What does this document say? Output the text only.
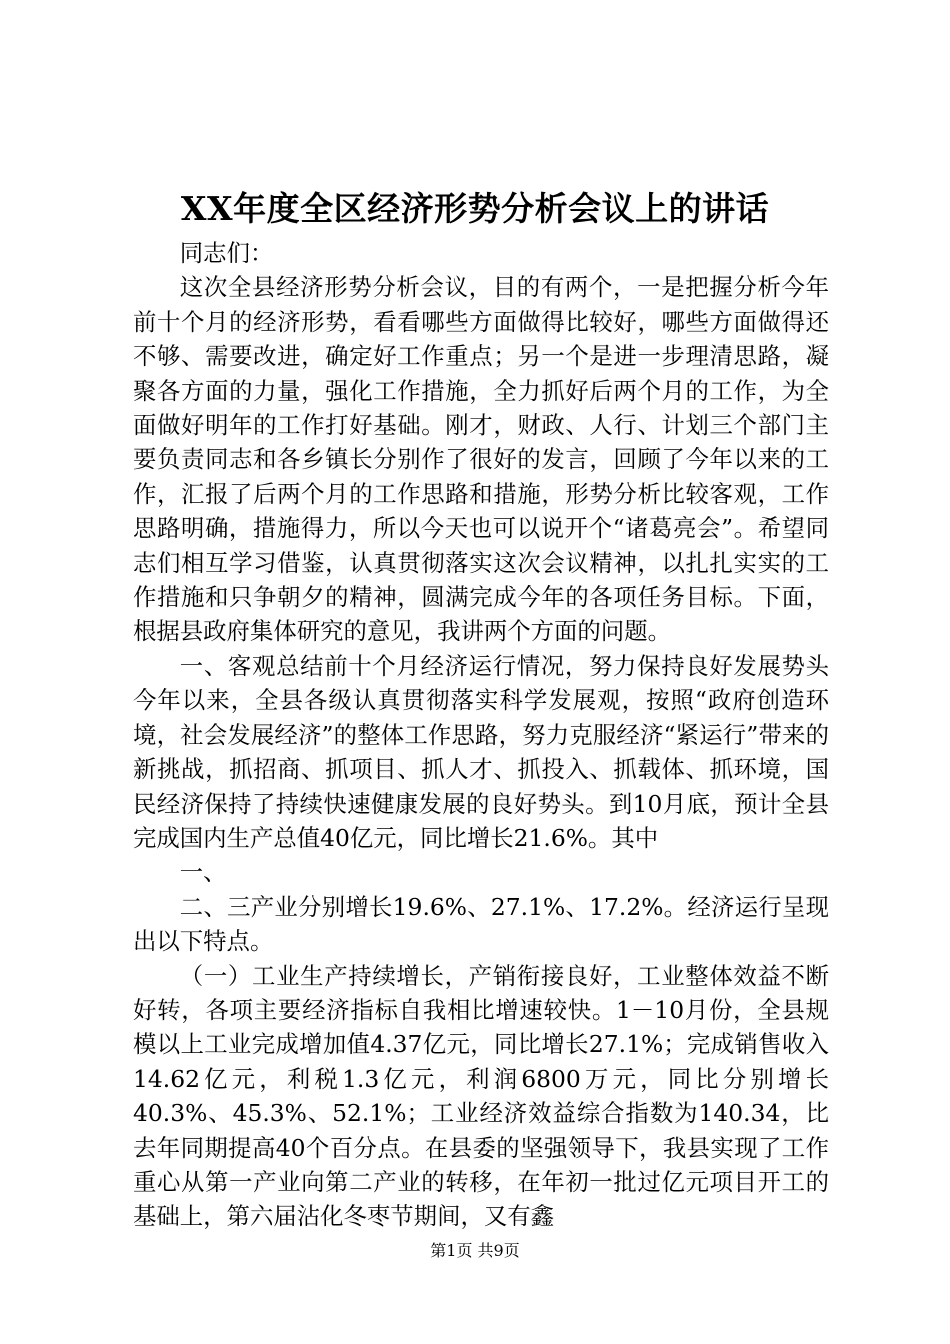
XX年度全区经济形势分析会议上的讲话

同志们：

这次全县经济形势分析会议，目的有两个，一是把握分析今年前十个月的经济形势，看看哪些方面做得比较好，哪些方面做得还不够、需要改进，确定好工作重点；另一个是进一步理清思路，凝聚各方面的力量，强化工作措施，全力抓好后两个月的工作，为全面做好明年的工作打好基础。刚才，财政、人行、计划三个部门主要负责同志和各乡镇长分别作了很好的发言，回顾了今年以来的工作，汇报了后两个月的工作思路和措施，形势分析比较客观，工作思路明确，措施得力，所以今天也可以说开个“诸葛亮会”。希望同志们相互学习借鉴，认真贯彻落实这次会议精神，以扎扎实实的工作措施和只争朝夕的精神，圆满完成今年的各项任务目标。下面，根据县政府集体研究的意见，我讲两个方面的问题。

一、客观总结前十个月经济运行情况，努力保持良好发展势头今年以来，全县各级认真贯彻落实科学发展观，按照“政府创造环境，社会发展经济”的整体工作思路，努力克服经济“紧运行”带来的新挑战，抓招商、抓项目、抓人才、抓投入、抓载体、抓环境，国民经济保持了持续快速健康发展的良好势头。到10月底，预计全县完成国内生产总值40亿元，同比增长21.6%。其中

一、

二、三产业分别增长19.6%、27.1%、17.2%。经济运行呈现出以下特点。

（一）工业生产持续增长，产销衔接良好，工业整体效益不断好转，各项主要经济指标自我相比增速较快。1－10月份，全县规模以上工业完成增加值4.37亿元，同比增长27.1%；完成销售收入14.62亿元，利税1.3亿元，利润6800万元，同比分别增长40.3%、45.3%、52.1%；工业经济效益综合指数为140.34，比去年同期提高40个百分点。在县委的坚强领导下，我县实现了工作重心从第一产业向第二产业的转移，在年初一批过亿元项目开工的基础上，第六届沾化冬枣节期间，又有鑫

第1页 共9页
